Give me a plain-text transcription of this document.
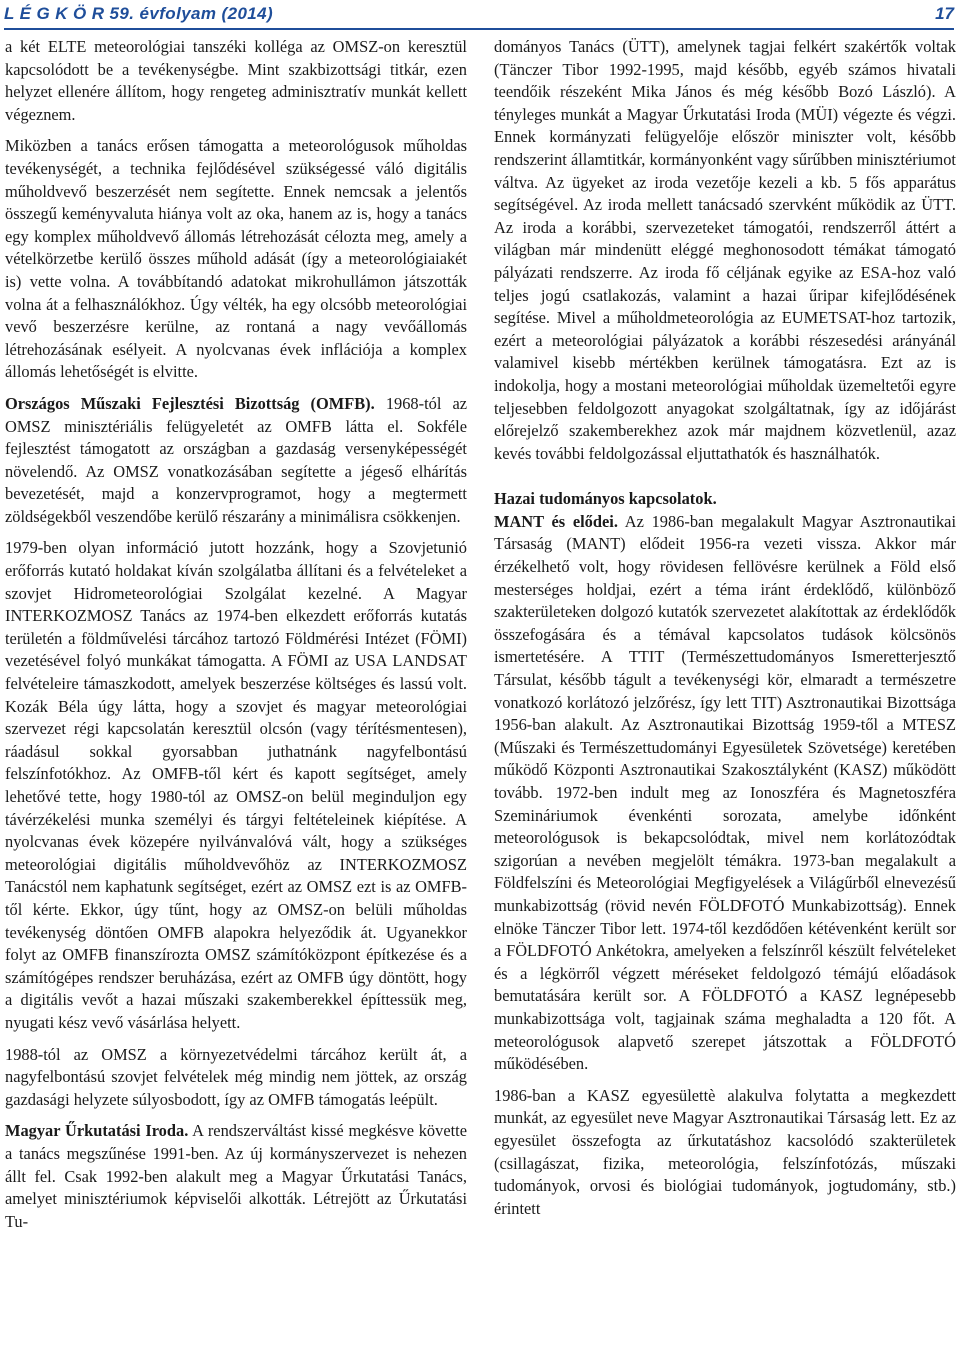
L É G K Ö R 59. évfolyam (2014)	17

a két ELTE meteorológiai tanszéki kolléga az OMSZ-on keresztül kapcsolódott be a tevékenységbe. Mint szakbizottsági titkár, ezen helyzet ellenére állítom, hogy rengeteg adminisztratív munkát kellett végeznem.

Miközben a tanács erősen támogatta a meteorológusok műholdas tevékenységét, a technika fejlődésével szükségessé váló digitális műholdvevő beszerzését nem segítette. Ennek nemcsak a jelentős összegű keményvaluta hiánya volt az oka, hanem az is, hogy a tanács egy komplex műholdvevő állomás létrehozását célozta meg, amely a vételkörzetbe kerülő összes műhold adását (így a meteorológiaiakét is) vette volna. A továbbítandó adatokat mikrohullámon játszották volna át a felhasználókhoz. Úgy vélték, ha egy olcsóbb meteorológiai vevő beszerzésre kerülne, az rontaná a nagy vevőállomás létrehozásának esélyeit. A nyolcvanas évek inflációja a komplex állomás lehetőségét is elvitte.

Országos Műszaki Fejlesztési Bizottság (OMFB). 1968-tól az OMSZ minisztériális felügyeletét az OMFB látta el. Sokféle fejlesztést támogatott az országban a gazdaság versenyképességét növelendő. Az OMSZ vonatkozásában segítette a jégeső elhárítás bevezetését, majd a konzervprogramot, hogy a megtermett zöldségekből veszendőbe kerülő részarány a minimálisra csökkenjen.

1979-ben olyan információ jutott hozzánk, hogy a Szovjetunió erőforrás kutató holdakat kíván szolgálatba állítani és a felvételeket a szovjet Hidrometeorológiai Szolgálat kezelné. A Magyar INTERKOZMOSZ Tanács az 1974-ben elkezdett erőforrás kutatás területén a földművelési tárcához tartozó Földmérési Intézet (FÖMI) vezetésével folyó munkákat támogatta. A FÖMI az USA LANDSAT felvételeire támaszkodott, amelyek beszerzése költséges és lassú volt. Kozák Béla úgy látta, hogy a szovjet és magyar meteorológiai szervezet régi kapcsolatán keresztül olcsón (vagy térítésmentesen), ráadásul sokkal gyorsabban juthatnánk nagyfelbontású felszínfotókhoz. Az OMFB-től kért és kapott segítséget, amely lehetővé tette, hogy 1980-tól az OMSZ-on belül meginduljon egy távérzékelési munka személyi és tárgyi feltételeinek kiépítése. A nyolcvanas évek közepére nyilvánvalóvá vált, hogy a szükséges meteorológiai digitális műholdvevőhöz az INTERKOZMOSZ Tanácstól nem kaphatunk segítséget, ezért az OMSZ ezt is az OMFB-től kérte. Ekkor, úgy tűnt, hogy az OMSZ-on belüli műholdas tevékenység döntően OMFB alapokra helyeződik át. Ugyanekkor folyt az OMFB finanszírozta OMSZ számítóközpont építkezése és a számítógépes rendszer beruházása, ezért az OMFB úgy döntött, hogy a digitális vevőt a hazai műszaki szakemberekkel építtessük meg, nyugati kész vevő vásárlása helyett.

1988-tól az OMSZ a környezetvédelmi tárcához került át, a nagyfelbontású szovjet felvételek még mindig nem jöttek, az ország gazdasági helyzete súlyosbodott, így az OMFB támogatás leépült.

Magyar Űrkutatási Iroda. A rendszerváltást kissé megkésve követte a tanács megszűnése 1991-ben. Az új kormányszervezet is nehezen állt fel. Csak 1992-ben alakult meg a Magyar Űrkutatási Tanács, amelyet minisztériumok képviselői alkották. Létrejött az Űrkutatási Tu-

dományos Tanács (ÜTT), amelynek tagjai felkért szakértők voltak (Tänczer Tibor 1992-1995, majd később, egyéb számos hivatali teendőik részeként Mika János és még később Bozó László). A tényleges munkát a Magyar Űrkutatási Iroda (MÜI) végezte és végzi. Ennek kormányzati felügyelője először miniszter volt, később rendszerint államtitkár, kormányonként vagy sűrűbben minisztériumot váltva. Az ügyeket az iroda vezetője kezeli a kb. 5 fős apparátus segítségével. Az iroda mellett tanácsadó szervként működik az ÜTT. Az iroda a korábbi, szervezeteket támogatói, rendszerről áttért a világban már mindenütt eléggé meghonosodott témákat támogató pályázati rendszerre. Az iroda fő céljának egyike az ESA-hoz való teljes jogú csatlakozás, valamint a hazai űripar kifejlődésének segítése. Mivel a műholdmeteorológia az EUMETSAT-hoz tartozik, ezért a meteorológiai pályázatok a korábbi részesedési arányánál valamivel kisebb mértékben kerülnek támogatásra. Ezt az is indokolja, hogy a mostani meteorológiai műholdak üzemeltetői egyre teljesebben feldolgozott anyagokat szolgáltatnak, így az időjárást előrejelző szakemberekhez azok már majdnem közvetlenül, azaz kevés további feldolgozással eljuttathatók és használhatók.

Hazai tudományos kapcsolatok.

MANT és elődei. Az 1986-ban megalakult Magyar Asztronautikai Társaság (MANT) elődeit 1956-ra vezeti vissza. Akkor már érzékelhető volt, hogy rövidesen fellövésre kerülnek a Föld első mesterséges holdjai, ezért a téma iránt érdeklődő, különböző szakterületeken dolgozó kutatók szervezetet alakítottak az érdeklődők összefogására és a témával kapcsolatos tudások kölcsönös ismertetésére. A TTIT (Természettudományos Ismeretterjesztő Társulat, később tágult a tevékenységi kör, elmaradt a természetre vonatkozó korlátozó jelzőrész, így lett TIT) Asztronautikai Bizottsága 1956-ban alakult. Az Asztronautikai Bizottság 1959-től a MTESZ (Műszaki és Természettudományi Egyesületek Szövetsége) keretében működő Központi Asztronautikai Szakosztályként (KASZ) működött tovább. 1972-ben indult meg az Ionoszféra és Magnetoszféra Szemináriumok évenkénti sorozata, amelybe időnként meteorológusok is bekapcsolódtak, mivel nem korlátozódtak szigorúan a nevében megjelölt témákra. 1973-ban megalakult a Földfelszíni és Meteorológiai Megfigyelések a Világűrből elnevezésű munkabizottság (rövid nevén FÖLDFOTÓ Munkabizottság). Ennek elnöke Tänczer Tibor lett. 1974-től kezdődően kétévenként került sor a FÖLDFOTÓ Ankétokra, amelyeken a felszínről készült felvételeket és a légkörről végzett méréseket feldolgozó témájú előadások bemutatására került sor. A FÖLDFOTÓ a KASZ legnépesebb munkabizottsága volt, tagjainak száma meghaladta a 120 főt. A meteorológusok alapvető szerepet játszottak a FÖLDFOTÓ működésében.

1986-ban a KASZ egyesülettè alakulva folytatta a megkezdett munkát, az egyesület neve Magyar Asztronautikai Társaság lett. Ez az egyesület összefogta az űrkutatáshoz kacsolódó szakterületek (csillagászat, fizika, meteorológia, felszínfotózás, műszaki tudományok, orvosi és biológiai tudományok, jogtudomány, stb.) érintett
